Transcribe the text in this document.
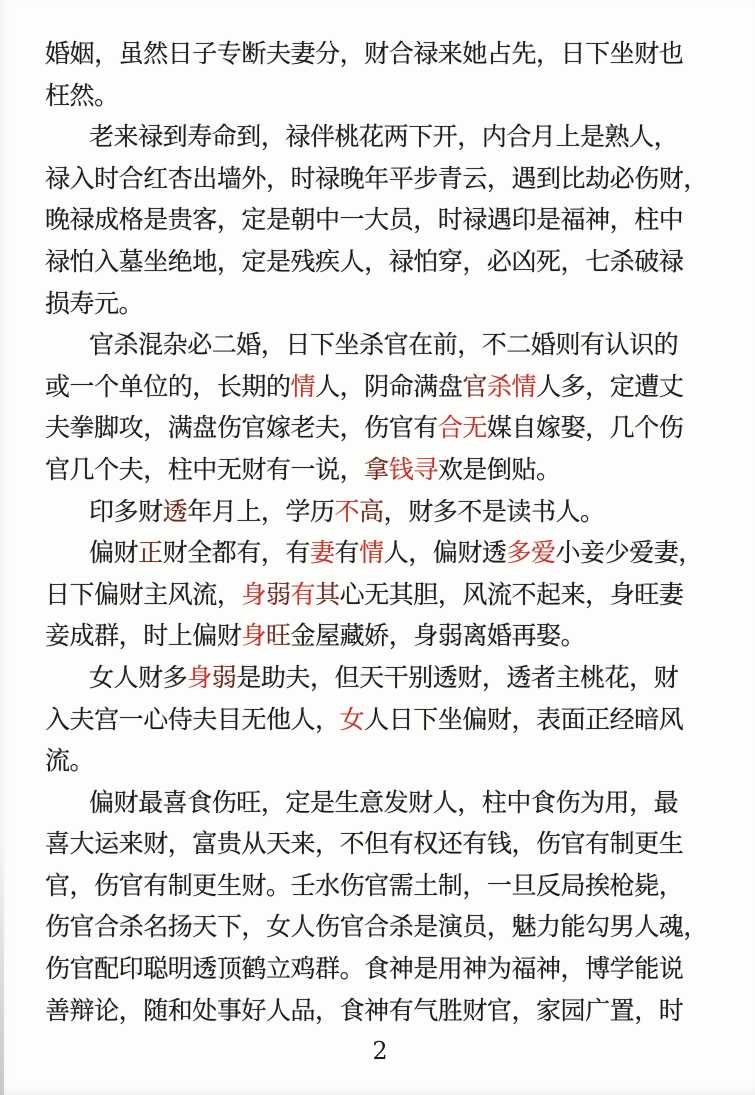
婚姻，虽然日子专断夫妻分，财合禄来她占先，日下坐财也
枉然。
老来禄到寿命到，禄伴桃花两下开，内合月上是熟人，
禄入时合红杏出墙外，时禄晚年平步青云，遇到比劫必伤财，
晚禄成格是贵客，定是朝中一大员，时禄遇印是福神，柱中
禄怕入墓坐绝地，定是残疾人，禄怕穿，必凶死，七杀破禄
损寿元。
官杀混杂必二婚，日下坐杀官在前，不二婚则有认识的
或一个单位的，长期的情人，阴命满盘官杀情人多，定遭丈
夫拳脚攻，满盘伤官嫁老夫，伤官有合无媒自嫁娶，几个伤
官几个夫，柱中无财有一说，拿钱寻欢是倒贴。
印多财透年月上，学历不高，财多不是读书人。
偏财正财全都有，有妻有情人，偏财透多爱小妾少爱妻，
日下偏财主风流，身弱有其心无其胆，风流不起来，身旺妻
妾成群，时上偏财身旺金屋藏娇，身弱离婚再娶。
女人财多身弱是助夫，但天干别透财，透者主桃花，财
入夫宫一心侍夫目无他人，女人日下坐偏财，表面正经暗风
流。
偏财最喜食伤旺，定是生意发财人，柱中食伤为用，最
喜大运来财，富贵从天来，不但有权还有钱，伤官有制更生
官，伤官有制更生财。壬水伤官需土制，一旦反局挨枪毙，
伤官合杀名扬天下，女人伤官合杀是演员，魅力能勾男人魂，
伤官配印聪明透顶鹤立鸡群。食神是用神为福神，博学能说
善辩论，随和处事好人品，食神有气胜财官，家园广置，时
2
